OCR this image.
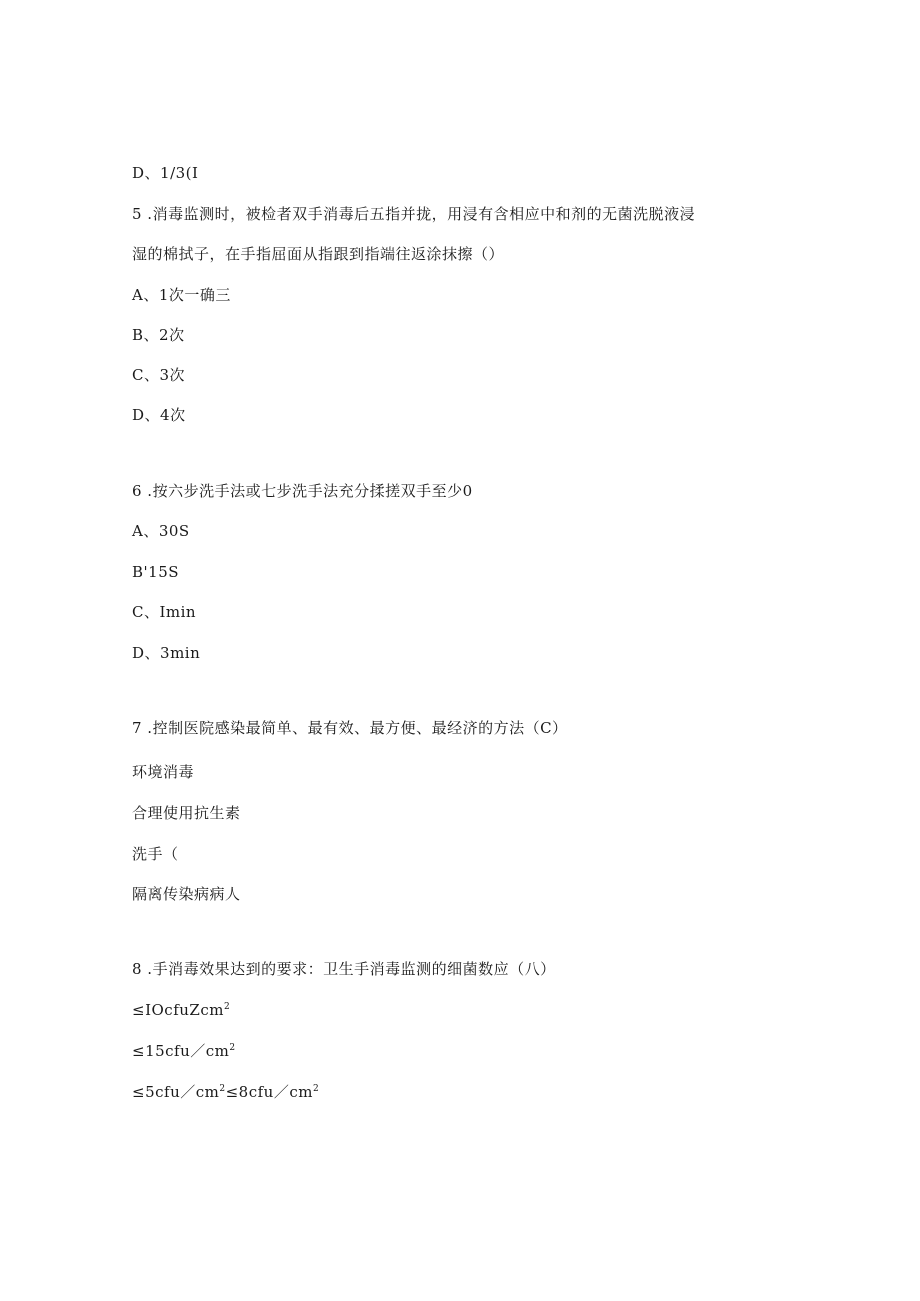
D、1/3(I
5 .消毒监测时，被检者双手消毒后五指并拢，用浸有含相应中和剂的无菌洗脱液浸
湿的棉拭子，在手指屈面从指跟到指端往返涂抹擦（）
A、1次一确三
B、2次
C、3次
D、4次
6 .按六步洗手法或七步洗手法充分揉搓双手至少0
A、30S
B'15S
C、Imin
D、3min
7 .控制医院感染最简单、最有效、最方便、最经济的方法（C）
环境消毒
合理使用抗生素
洗手（
隔离传染病病人
8 .手消毒效果达到的要求：卫生手消毒监测的细菌数应（八）
≤IOcfuZcm$^2$
$\le 15cfu/cm^2$
$\le 5cfu/cm^2\le 8cfu/cm^2$
